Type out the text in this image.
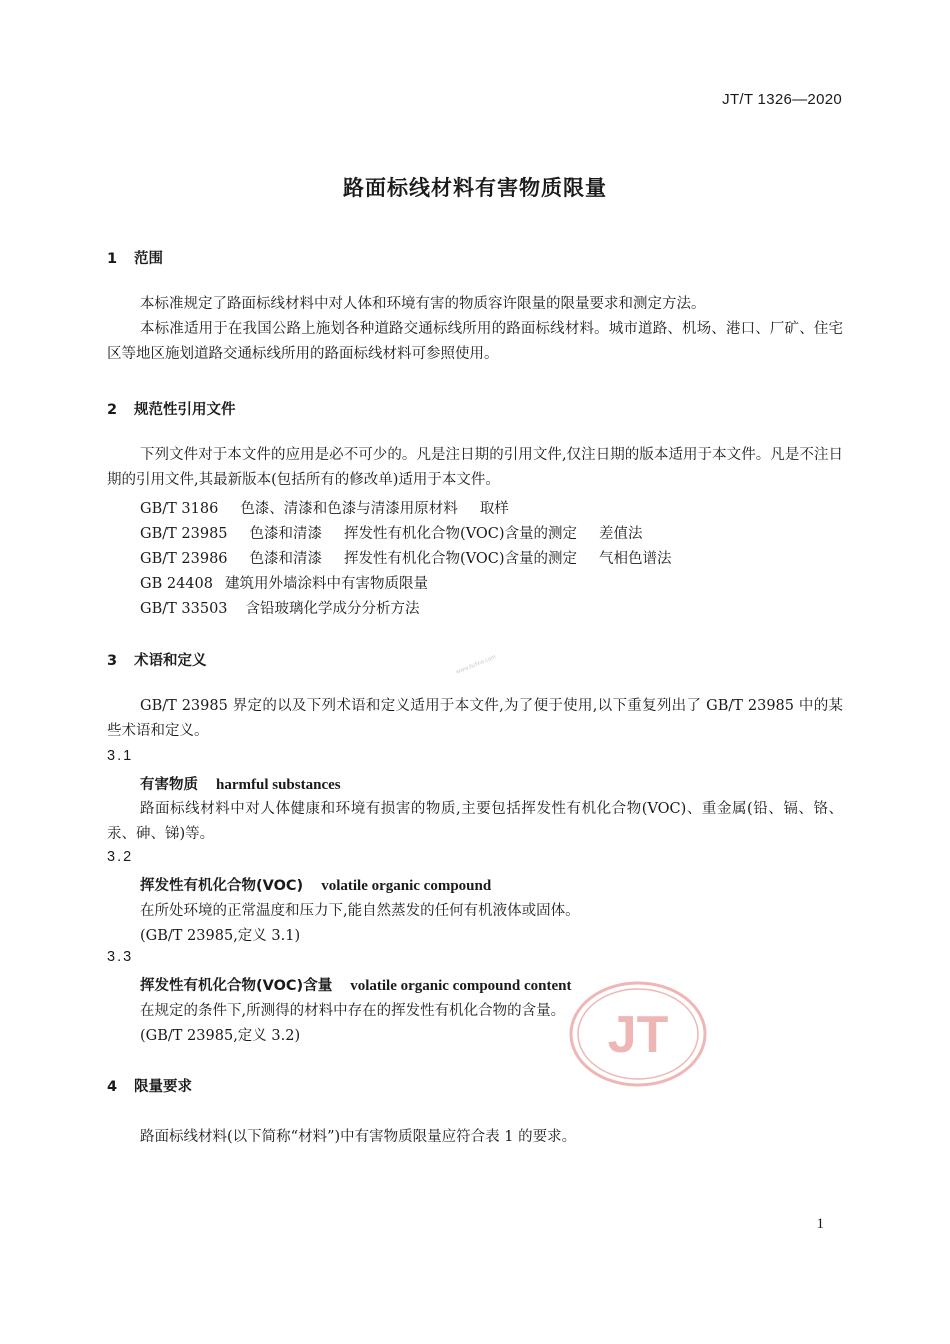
JT/T 1326—2020
路面标线材料有害物质限量
1 范围
本标准规定了路面标线材料中对人体和环境有害的物质容许限量的限量要求和测定方法。
本标准适用于在我国公路上施划各种道路交通标线所用的路面标线材料。城市道路、机场、港口、厂矿、住宅区等地区施划道路交通标线所用的路面标线材料可参照使用。
2 规范性引用文件
下列文件对于本文件的应用是必不可少的。凡是注日期的引用文件,仅注日期的版本适用于本文件。凡是不注日期的引用文件,其最新版本(包括所有的修改单)适用于本文件。
GB/T 3186 色漆、清漆和色漆与清漆用原材料 取样
GB/T 23985 色漆和清漆 挥发性有机化合物(VOC)含量的测定 差值法
GB/T 23986 色漆和清漆 挥发性有机化合物(VOC)含量的测定 气相色谱法
GB 24408 建筑用外墙涂料中有害物质限量
GB/T 33503 含铅玻璃化学成分分析方法
3 术语和定义	www.bzfxw.com
GB/T 23985 界定的以及下列术语和定义适用于本文件,为了便于使用,以下重复列出了 GB/T 23985 中的某些术语和定义。
3.1
有害物质 harmful substances
路面标线材料中对人体健康和环境有损害的物质,主要包括挥发性有机化合物(VOC)、重金属(铅、镉、铬、汞、砷、锑)等。
3.2
挥发性有机化合物(VOC) volatile organic compound
在所处环境的正常温度和压力下,能自然蒸发的任何有机液体或固体。
(GB/T 23985,定义 3.1)
3.3
挥发性有机化合物(VOC)含量 volatile organic compound content
在规定的条件下,所测得的材料中存在的挥发性有机化合物的含量。
(GB/T 23985,定义 3.2)	JT
4 限量要求
路面标线材料(以下简称“材料”)中有害物质限量应符合表 1 的要求。
1
